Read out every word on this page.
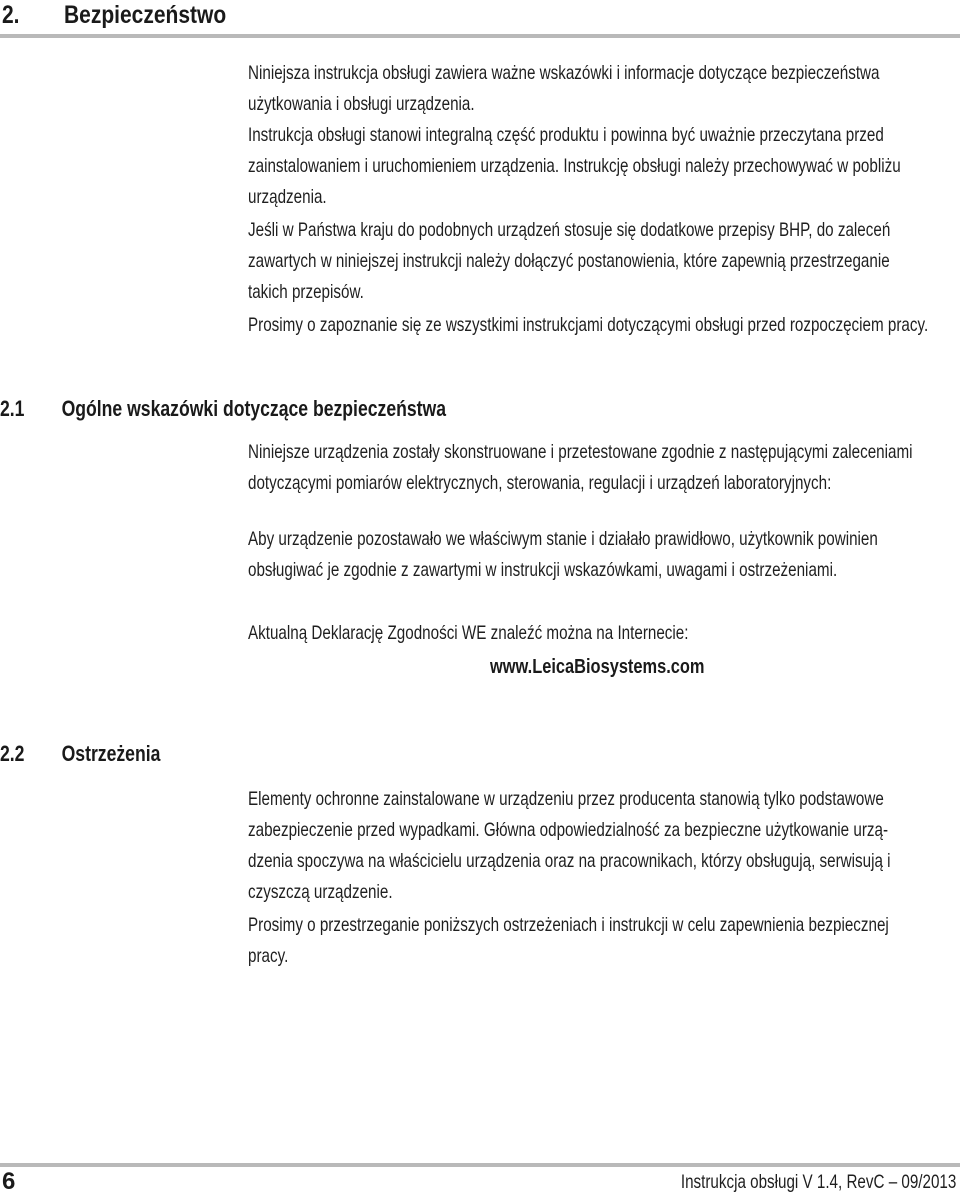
2. Bezpieczeństwo

Niniejsza instrukcja obsługi zawiera ważne wskazówki i informacje dotyczące bezpieczeństwa
użytkowania i obsługi urządzenia.

Instrukcja obsługi stanowi integralną część produktu i powinna być uważnie przeczytana przed
zainstalowaniem i uruchomieniem urządzenia. Instrukcję obsługi należy przechowywać w pobliżu
urządzenia.

Jeśli w Państwa kraju do podobnych urządzeń stosuje się dodatkowe przepisy BHP, do zaleceń
zawartych w niniejszej instrukcji należy dołączyć postanowienia, które zapewnią przestrzeganie
takich przepisów.

Prosimy o zapoznanie się ze wszystkimi instrukcjami dotyczącymi obsługi przed rozpoczęciem pracy.

2.1 Ogólne wskazówki dotyczące bezpieczeństwa

Niniejsze urządzenia zostały skonstruowane i przetestowane zgodnie z następującymi zaleceniami
dotyczącymi pomiarów elektrycznych, sterowania, regulacji i urządzeń laboratoryjnych:

Aby urządzenie pozostawało we właściwym stanie i działało prawidłowo, użytkownik powinien
obsługiwać je zgodnie z zawartymi w instrukcji wskazówkami, uwagami i ostrzeżeniami.

Aktualną Deklarację Zgodności WE znaleźć można na Internecie:

www.LeicaBiosystems.com
2.2 Ostrzeżenia

Elementy ochronne zainstalowane w urządzeniu przez producenta stanowią tylko podstawowe
zabezpieczenie przed wypadkami. Główna odpowiedzialność za bezpieczne użytkowanie urzą-
dzenia spoczywa na właścicielu urządzenia oraz na pracownikach, którzy obsługują, serwisują i
czyszczą urządzenie.

Prosimy o przestrzeganie poniższych ostrzeżeniach i instrukcji w celu zapewnienia bezpiecznej
pracy.

6	Instrukcja obsługi V 1.4, RevC – 09/2013
